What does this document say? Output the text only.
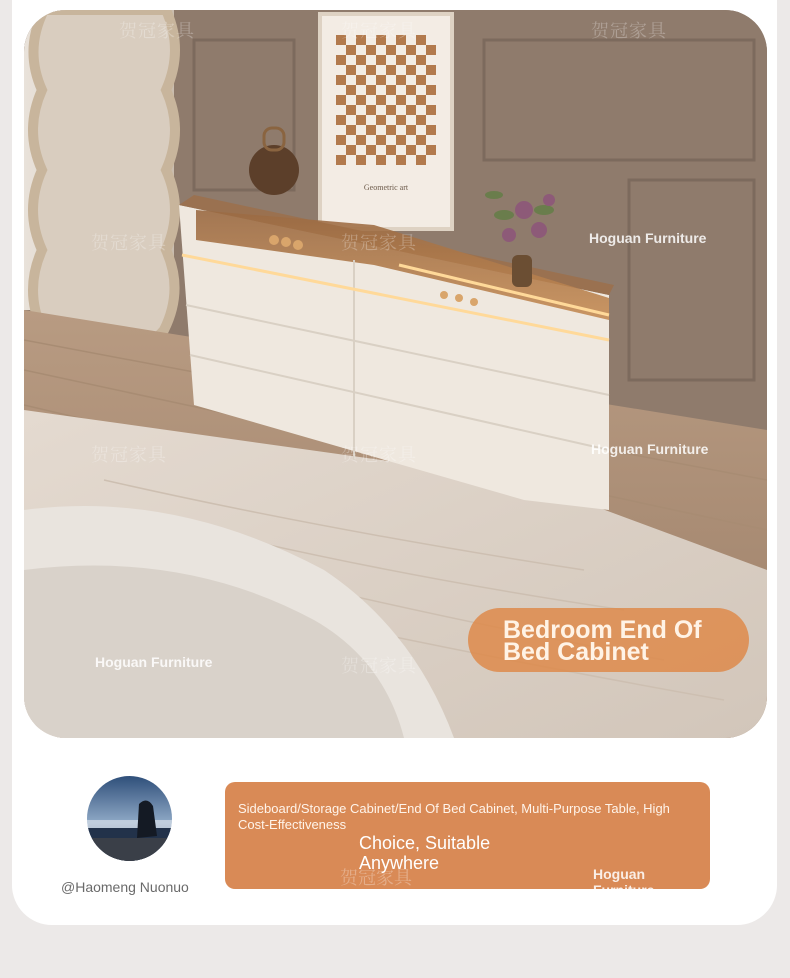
Geometric art
贺冠家具	贺冠家具	贺冠家具
贺冠家具	贺冠家具
贺冠家具	贺冠家具
贺冠家具
Hoguan Furniture
Hoguan Furniture
Hoguan Furniture
Bedroom End Of
Bed Cabinet
@Haomeng Nuonuo
Sideboard/Storage Cabinet/End Of Bed Cabinet, Multi-Purpose Table, High Cost-Effectiveness
Choice, Suitable
Anywhere
贺冠家具	Hoguan Furniture
